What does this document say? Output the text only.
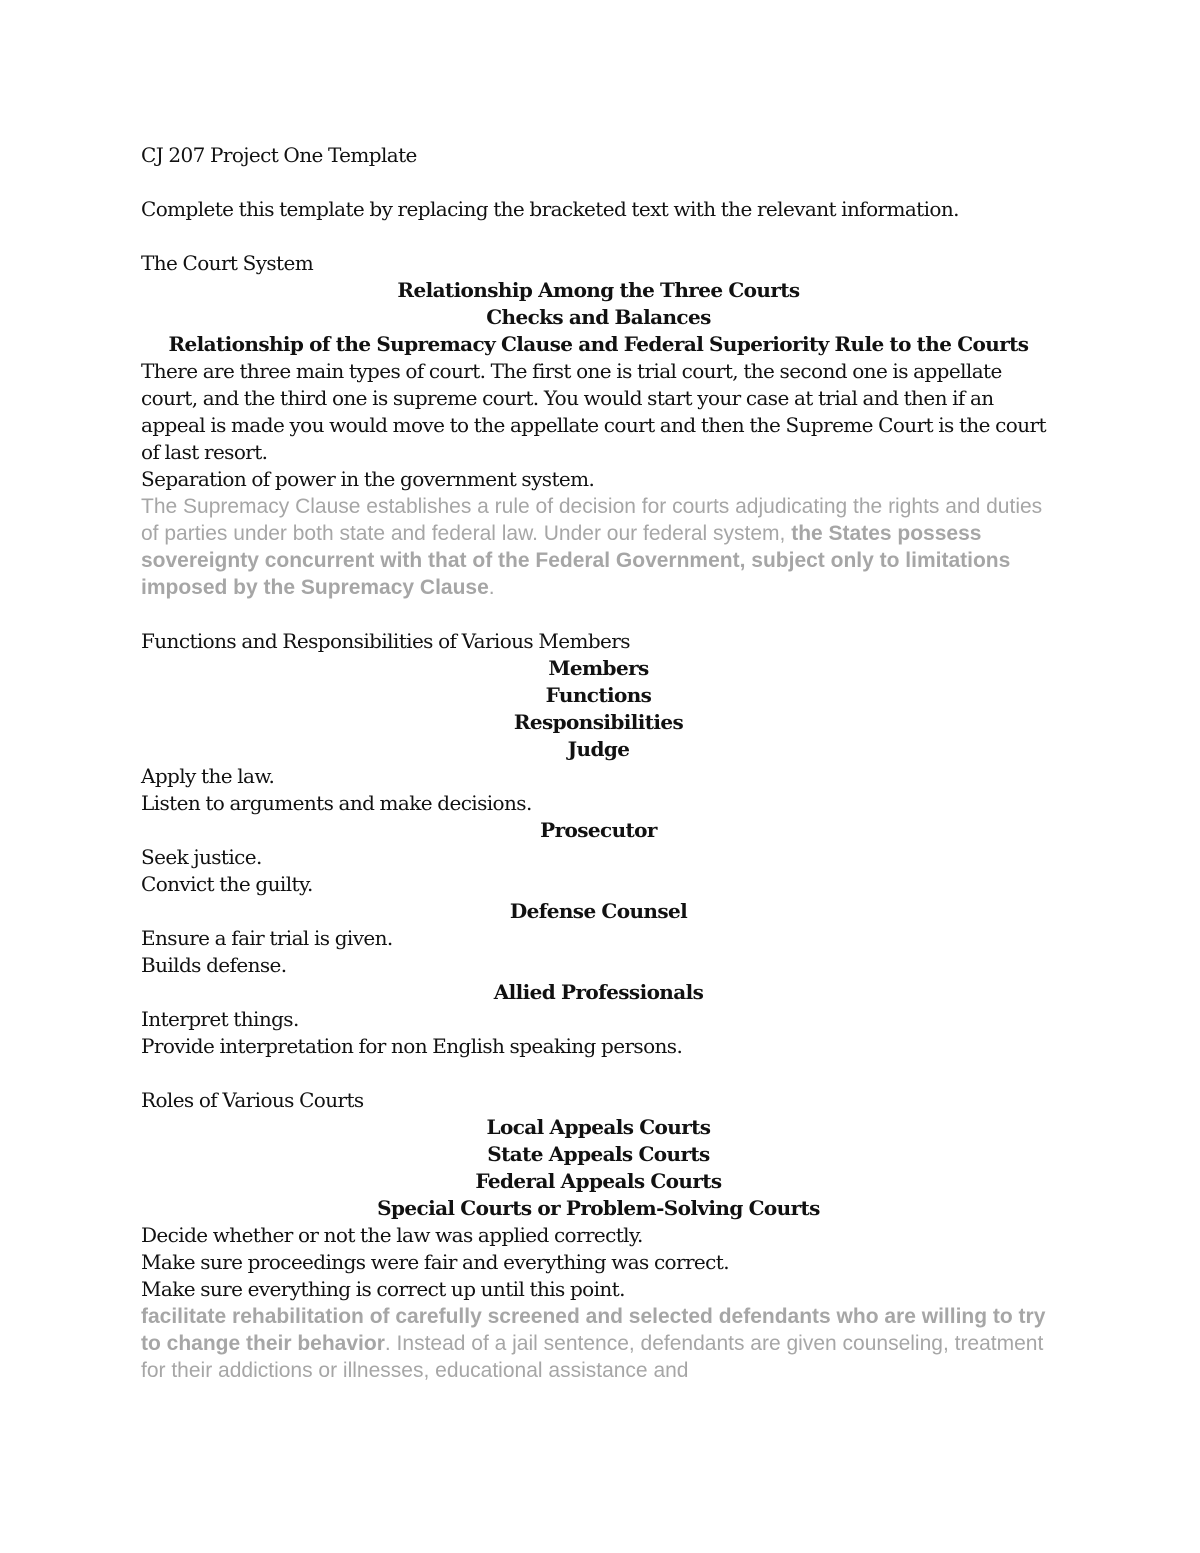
CJ 207 Project One Template

Complete this template by replacing the bracketed text with the relevant information.

The Court System

Relationship Among the Three Courts

Checks and Balances

Relationship of the Supremacy Clause and Federal Superiority Rule to the Courts

There are three main types of court. The first one is trial court, the second one is appellate court, and the third one is supreme court. You would start your case at trial and then if an appeal is made you would move to the appellate court and then the Supreme Court is the court of last resort.

Separation of power in the government system.

The Supremacy Clause establishes a rule of decision for courts adjudicating the rights and duties of parties under both state and federal law. Under our federal system, the States possess sovereignty concurrent with that of the Federal Government, subject only to limitations imposed by the Supremacy Clause.

Functions and Responsibilities of Various Members

Members

Functions

Responsibilities

Judge

Apply the law.

Listen to arguments and make decisions.

Prosecutor

Seek justice.

Convict the guilty.

Defense Counsel

Ensure a fair trial is given.

Builds defense.

Allied Professionals

Interpret things.

Provide interpretation for non English speaking persons.

Roles of Various Courts

Local Appeals Courts

State Appeals Courts

Federal Appeals Courts

Special Courts or Problem-Solving Courts

Decide whether or not the law was applied correctly.

Make sure proceedings were fair and everything was correct.

Make sure everything is correct up until this point.

facilitate rehabilitation of carefully screened and selected defendants who are willing to try to change their behavior. Instead of a jail sentence, defendants are given counseling, treatment for their addictions or illnesses, educational assistance and
